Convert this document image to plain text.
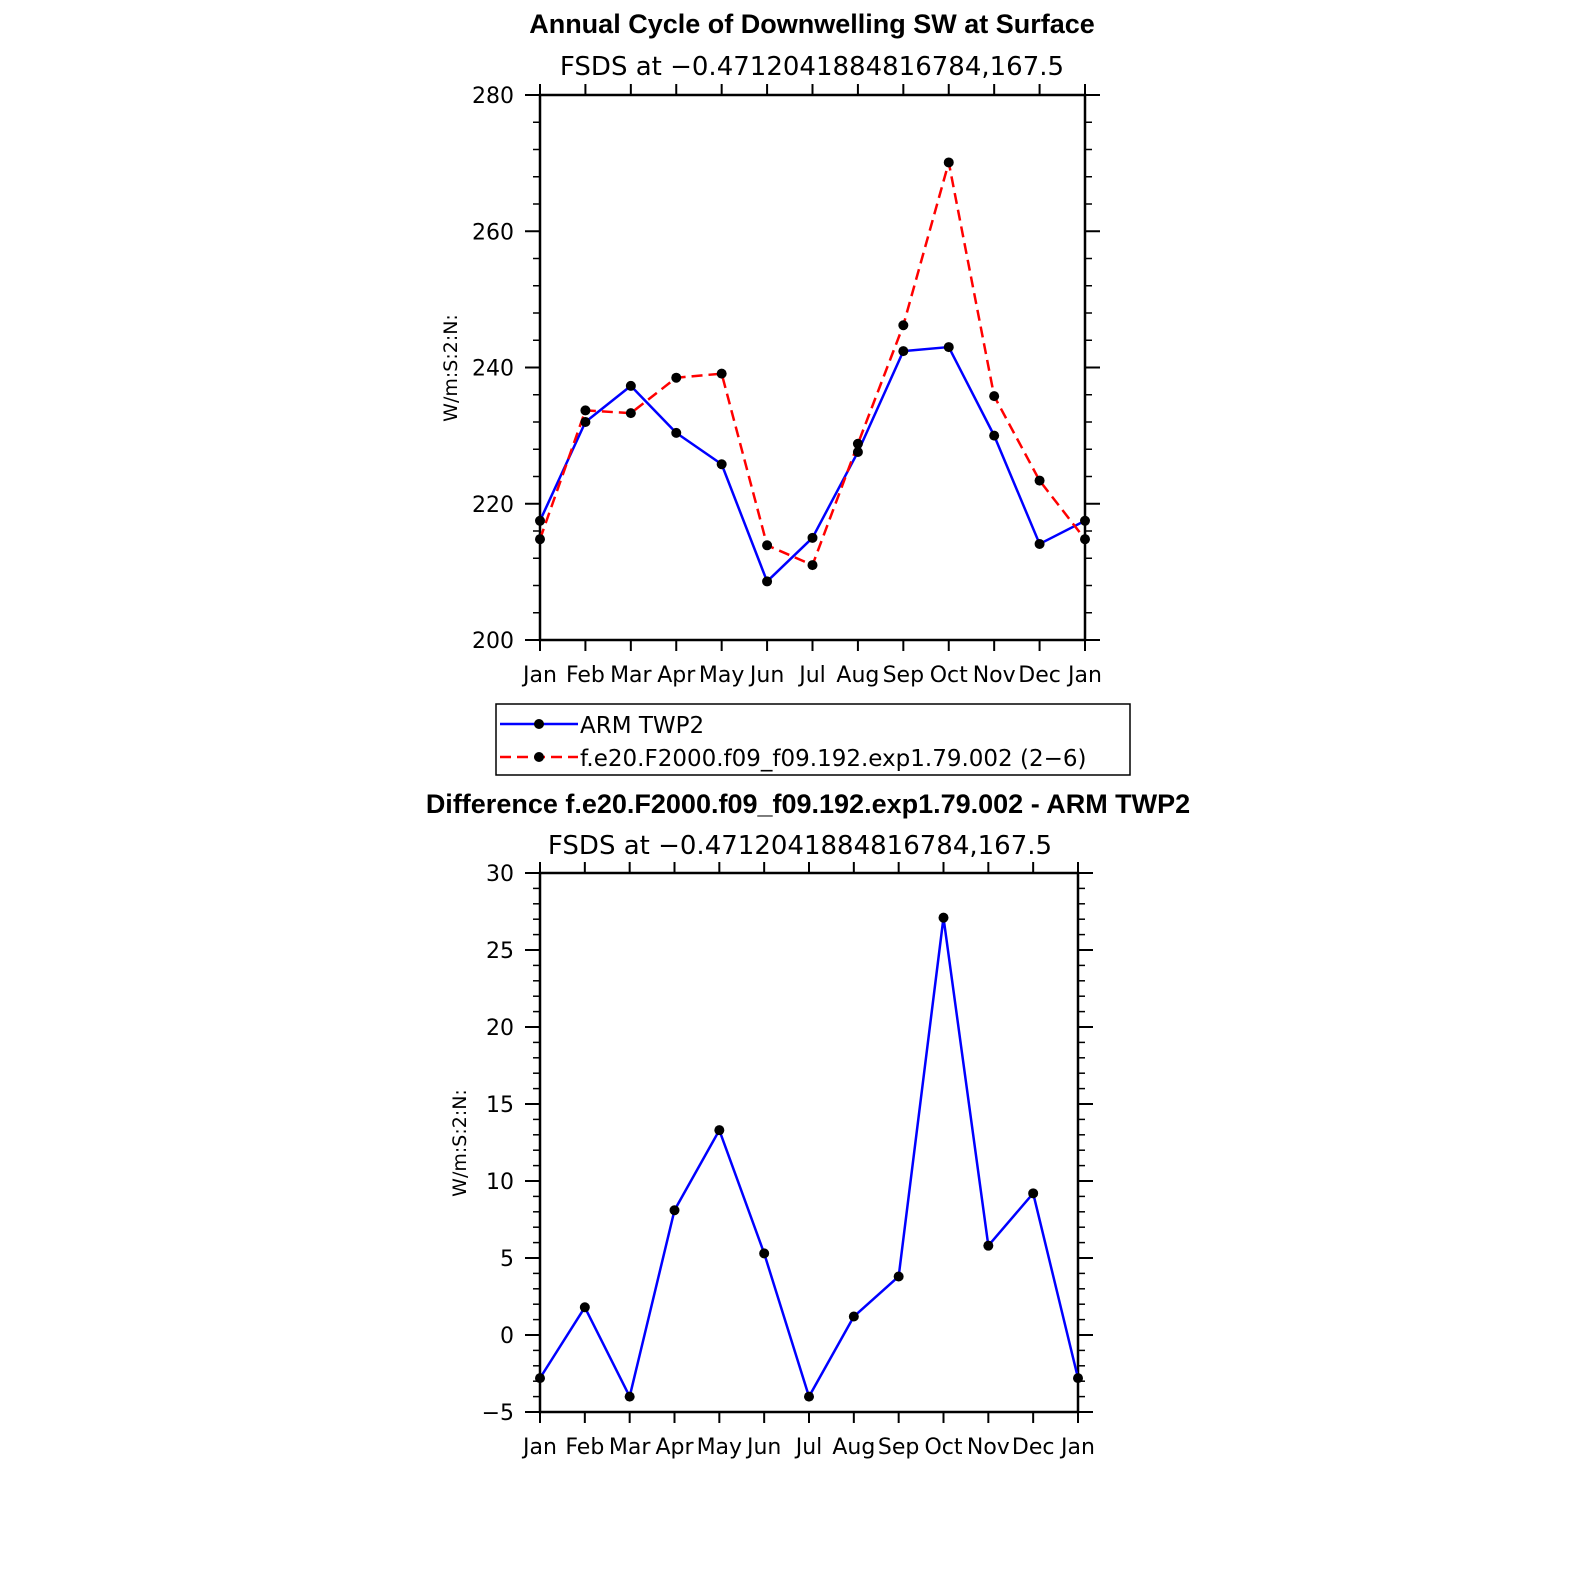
Annual Cycle of Downwelling SW at Surface
FSDS at −0.4712041884816784,167.5
W/m:S:2:N:
Jan Feb Mar Apr May Jun Jul Aug Sep Oct Nov Dec Jan
200
220
240
260
280
ARM TWP2
f.e20.F2000.f09_f09.192.exp1.79.002 (2−6)
Difference f.e20.F2000.f09_f09.192.exp1.79.002 - ARM TWP2
FSDS at −0.4712041884816784,167.5
W/m:S:2:N:
Jan Feb Mar Apr May Jun Jul Aug Sep Oct Nov Dec Jan
−5
0
5
10
15
20
25
30
